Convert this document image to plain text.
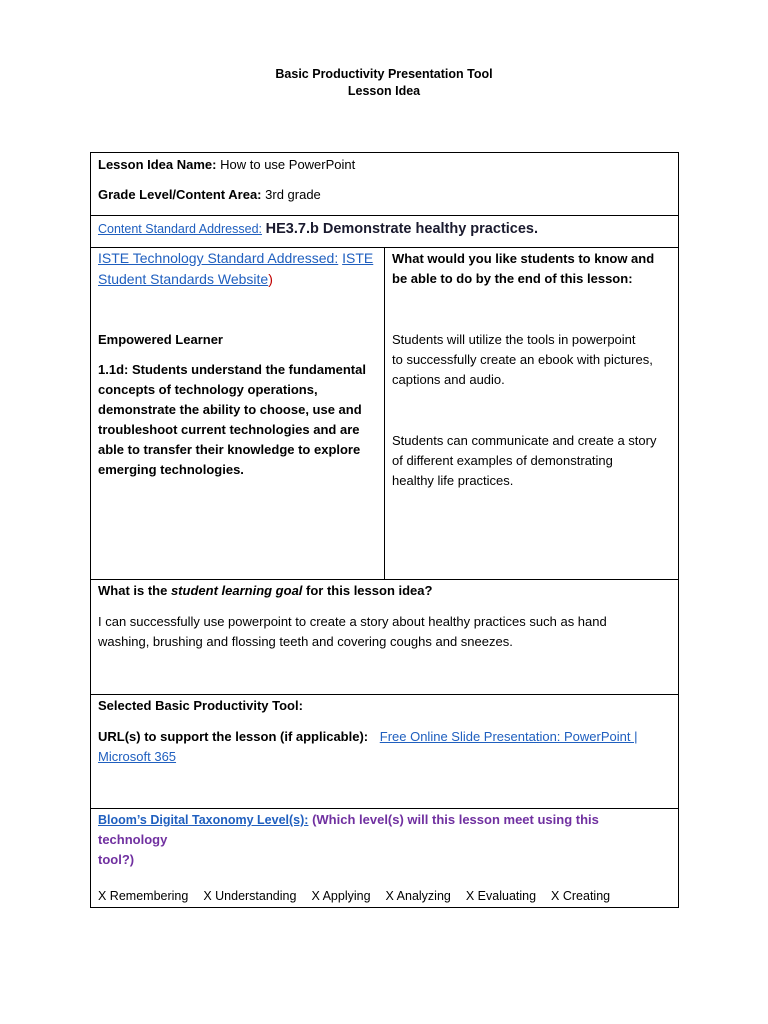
Basic Productivity Presentation Tool
Lesson Idea
Lesson Idea Name: How to use PowerPoint
Grade Level/Content Area: 3rd grade
Content Standard Addressed: HE3.7.b Demonstrate healthy practices.
ISTE Technology Standard Addressed: ISTE
Student Standards Website)
Empowered Learner
1.1d: Students understand the fundamental
concepts of technology operations,
demonstrate the ability to choose, use and
troubleshoot current technologies and are
able to transfer their knowledge to explore
emerging technologies.
What would you like students to know and
be able to do by the end of this lesson:
Students will utilize the tools in powerpoint
to successfully create an ebook with pictures,
captions and audio.
Students can communicate and create a story
of different examples of demonstrating
healthy life practices.
What is the student learning goal for this lesson idea?
I can successfully use powerpoint to create a story about healthy practices such as hand
washing, brushing and flossing teeth and covering coughs and sneezes.
Selected Basic Productivity Tool:
URL(s) to support the lesson (if applicable): Free Online Slide Presentation: PowerPoint |
Microsoft 365
Bloom’s Digital Taxonomy Level(s): (Which level(s) will this lesson meet using this technology
tool?)
X Remembering X Understanding X Applying X Analyzing X Evaluating X Creating
